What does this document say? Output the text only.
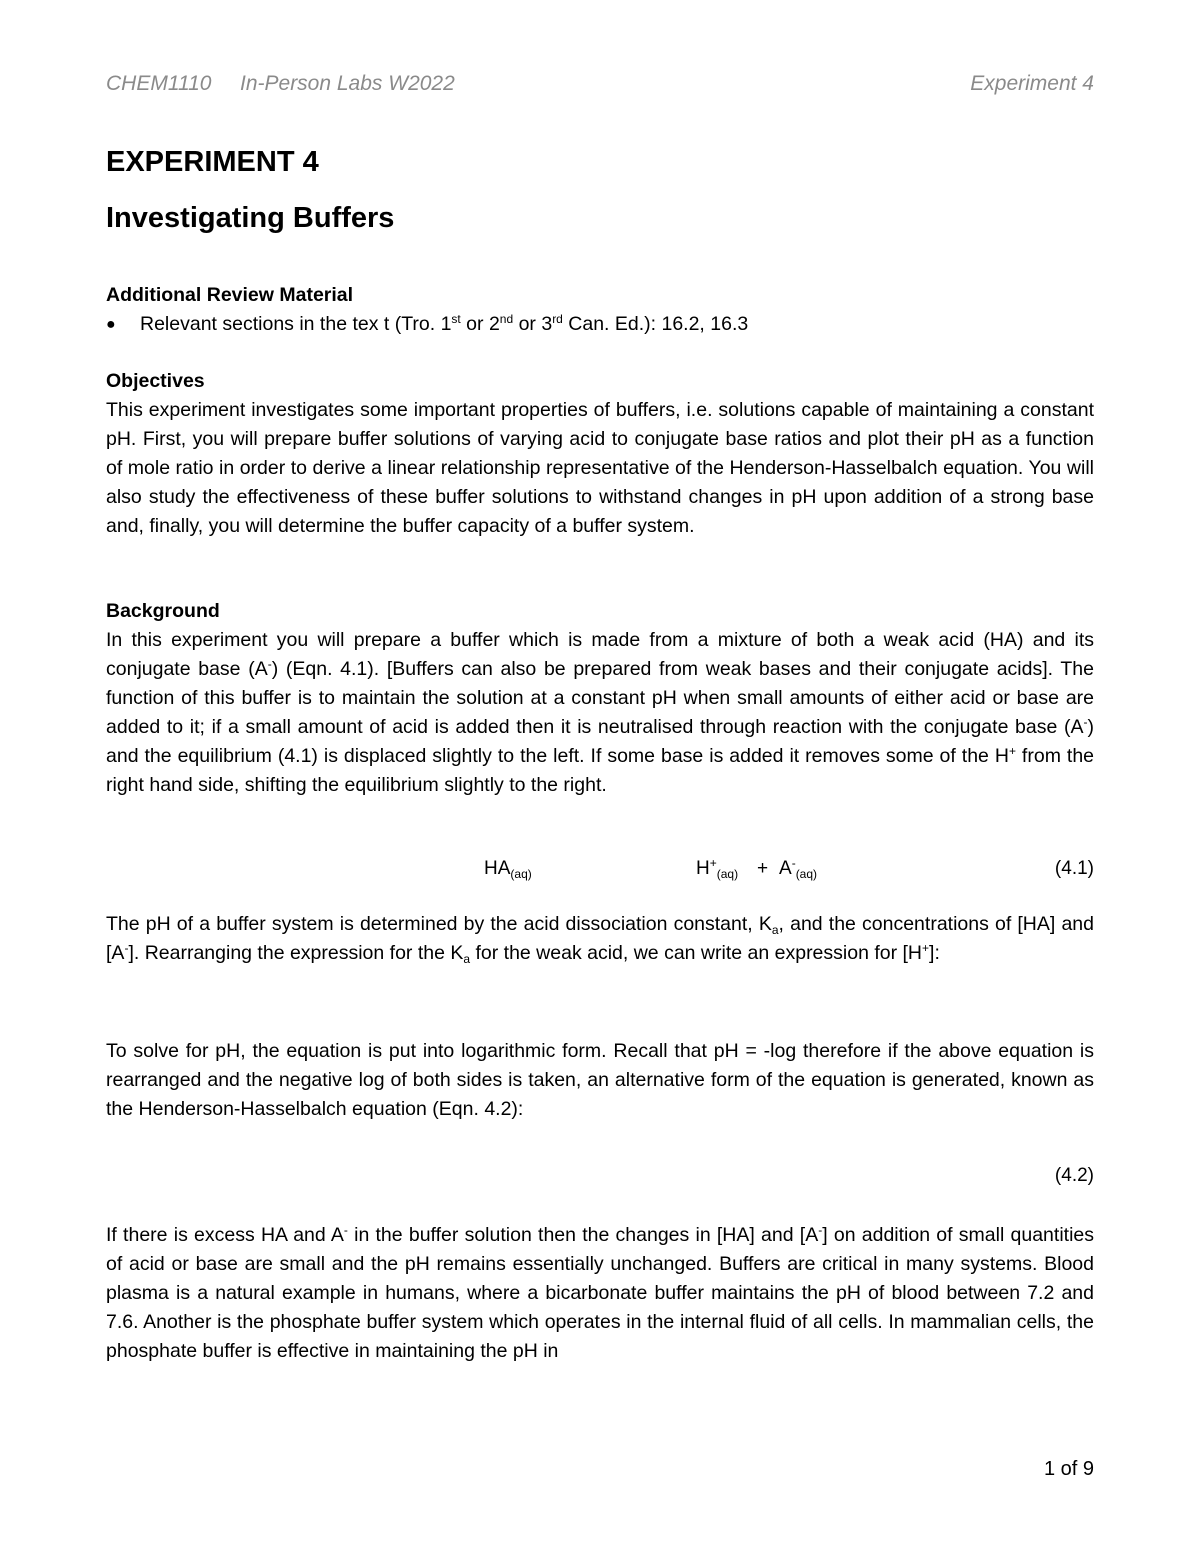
CHEM1110 In-Person Labs W2022	Experiment 4
EXPERIMENT 4
Investigating Buffers
Additional Review Material
● Relevant sections in the tex t (Tro. 1st or 2nd or 3rd Can. Ed.): 16.2, 16.3
Objectives

This experiment investigates some important properties of buffers, i.e. solutions capable of maintaining a constant pH. First, you will prepare buffer solutions of varying acid to conjugate base ratios and plot their pH as a function of mole ratio in order to derive a linear relationship representative of the Henderson-Hasselbalch equation. You will also study the effectiveness of these buffer solutions to withstand changes in pH upon addition of a strong base and, finally, you will determine the buffer capacity of a buffer system.

Background

In this experiment you will prepare a buffer which is made from a mixture of both a weak acid (HA) and its conjugate base (A-) (Eqn. 4.1). [Buffers can also be prepared from weak bases and their conjugate acids]. The function of this buffer is to maintain the solution at a constant pH when small amounts of either acid or base are added to it; if a small amount of acid is added then it is neutralised through reaction with the conjugate base (A-) and the equilibrium (4.1) is displaced slightly to the left. If some base is added it removes some of the H+ from the right hand side, shifting the equilibrium slightly to the right.

$HA_{(aq)}$	$H^+_{(aq)} + A^-_{(aq)}$	(4.1)

The pH of a buffer system is determined by the acid dissociation constant, $K_a$, and the concentrations of [HA] and [A-]. Rearranging the expression for the $K_a$ for the weak acid, we can write an expression for [H+]:

To solve for pH, the equation is put into logarithmic form. Recall that pH = -log therefore if the above equation is rearranged and the negative log of both sides is taken, an alternative form of the equation is generated, known as the Henderson-Hasselbalch equation (Eqn. 4.2):

(4.2)

If there is excess HA and A- in the buffer solution then the changes in [HA] and [A-] on addition of small quantities of acid or base are small and the pH remains essentially unchanged. Buffers are critical in many systems. Blood plasma is a natural example in humans, where a bicarbonate buffer maintains the pH of blood between 7.2 and 7.6. Another is the phosphate buffer system which operates in the internal fluid of all cells. In mammalian cells, the phosphate buffer is effective in maintaining the pH in

1 of 9
